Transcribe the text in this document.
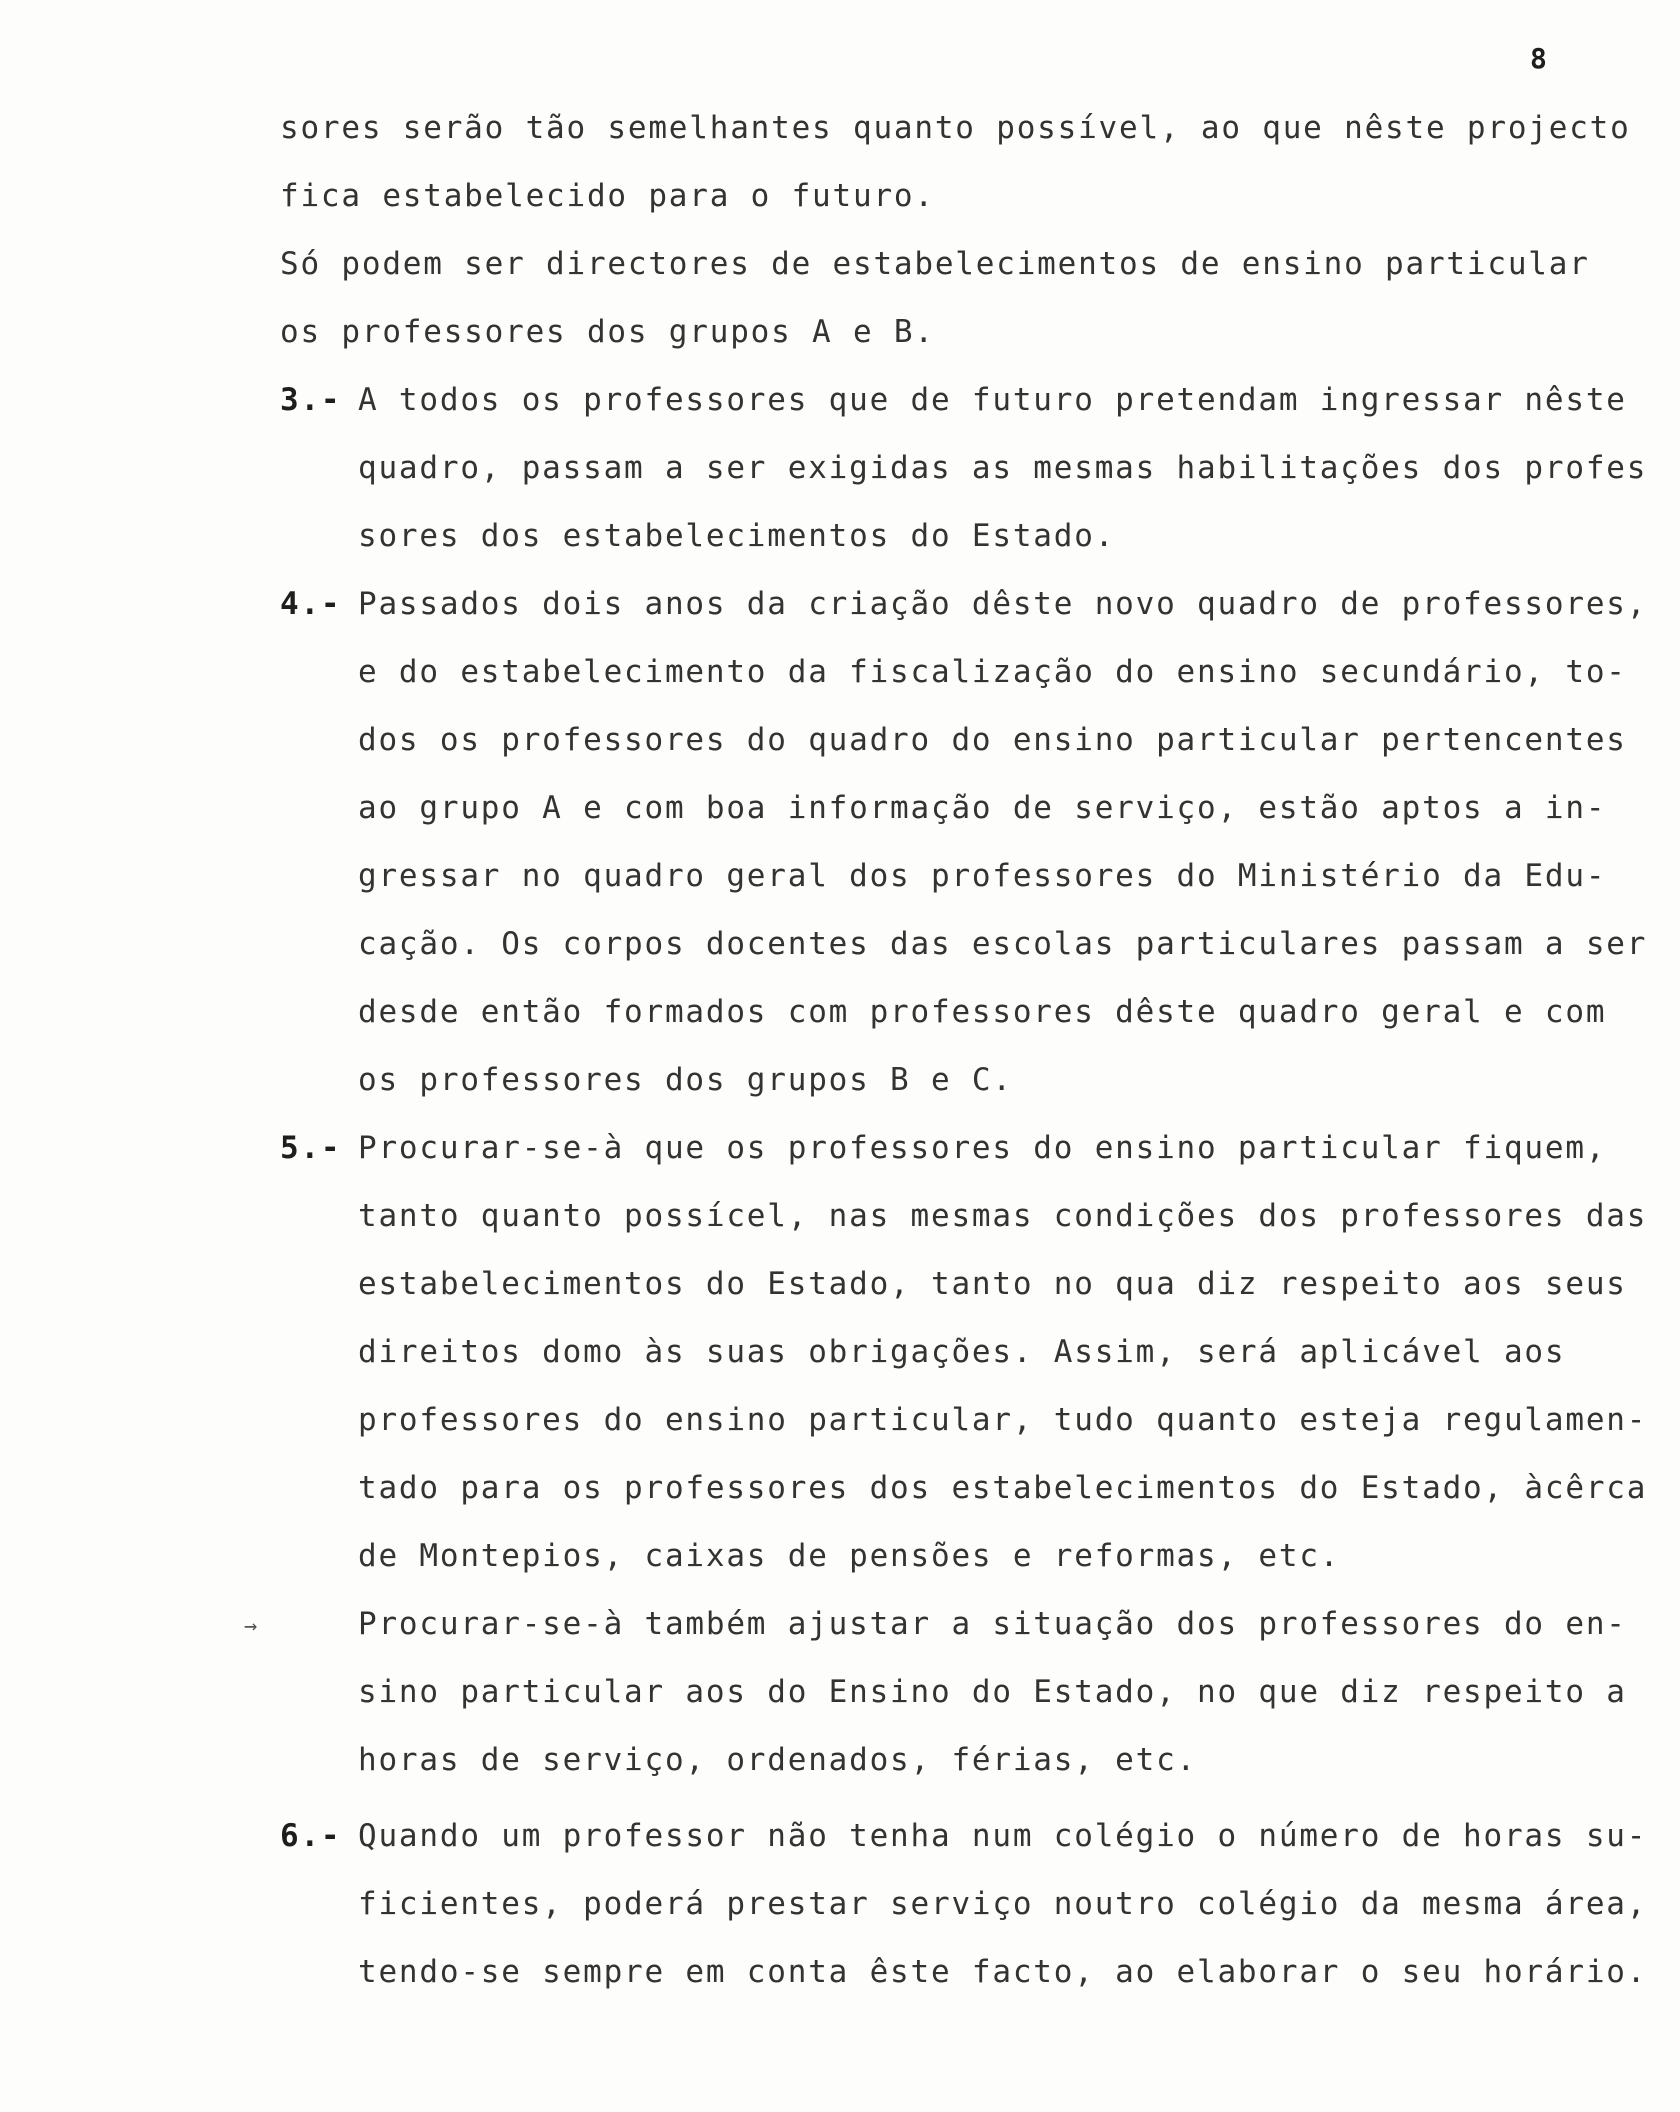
8
sores serão tão semelhantes quanto possível, ao que nêste projecto
fica estabelecido para o futuro.
Só podem ser directores de estabelecimentos de ensino particular
os professores dos grupos A e B.
3.- A todos os professores que de futuro pretendam ingressar nêste
quadro, passam a ser exigidas as mesmas habilitações dos profes
sores dos estabelecimentos do Estado.
4.- Passados dois anos da criação dêste novo quadro de professores,
e do estabelecimento da fiscalização do ensino secundário, to-
dos os professores do quadro do ensino particular pertencentes
ao grupo A e com boa informação de serviço, estão aptos a in-
gressar no quadro geral dos professores do Ministério da Edu-
cação. Os corpos docentes das escolas particulares passam a ser
desde então formados com professores dêste quadro geral e com
os professores dos grupos B e C.
5.- Procurar-se-à que os professores do ensino particular fiquem,
tanto quanto possícel, nas mesmas condições dos professores das
estabelecimentos do Estado, tanto no qua diz respeito aos seus
direitos domo às suas obrigações. Assim, será aplicável aos
professores do ensino particular, tudo quanto esteja regulamen-
tado para os professores dos estabelecimentos do Estado, àcêrca
de Montepios, caixas de pensões e reformas, etc.
→	Procurar-se-à também ajustar a situação dos professores do en-
sino particular aos do Ensino do Estado, no que diz respeito a
horas de serviço, ordenados, férias, etc.
6.- Quando um professor não tenha num colégio o número de horas su-
ficientes, poderá prestar serviço noutro colégio da mesma área,
tendo-se sempre em conta êste facto, ao elaborar o seu horário.
